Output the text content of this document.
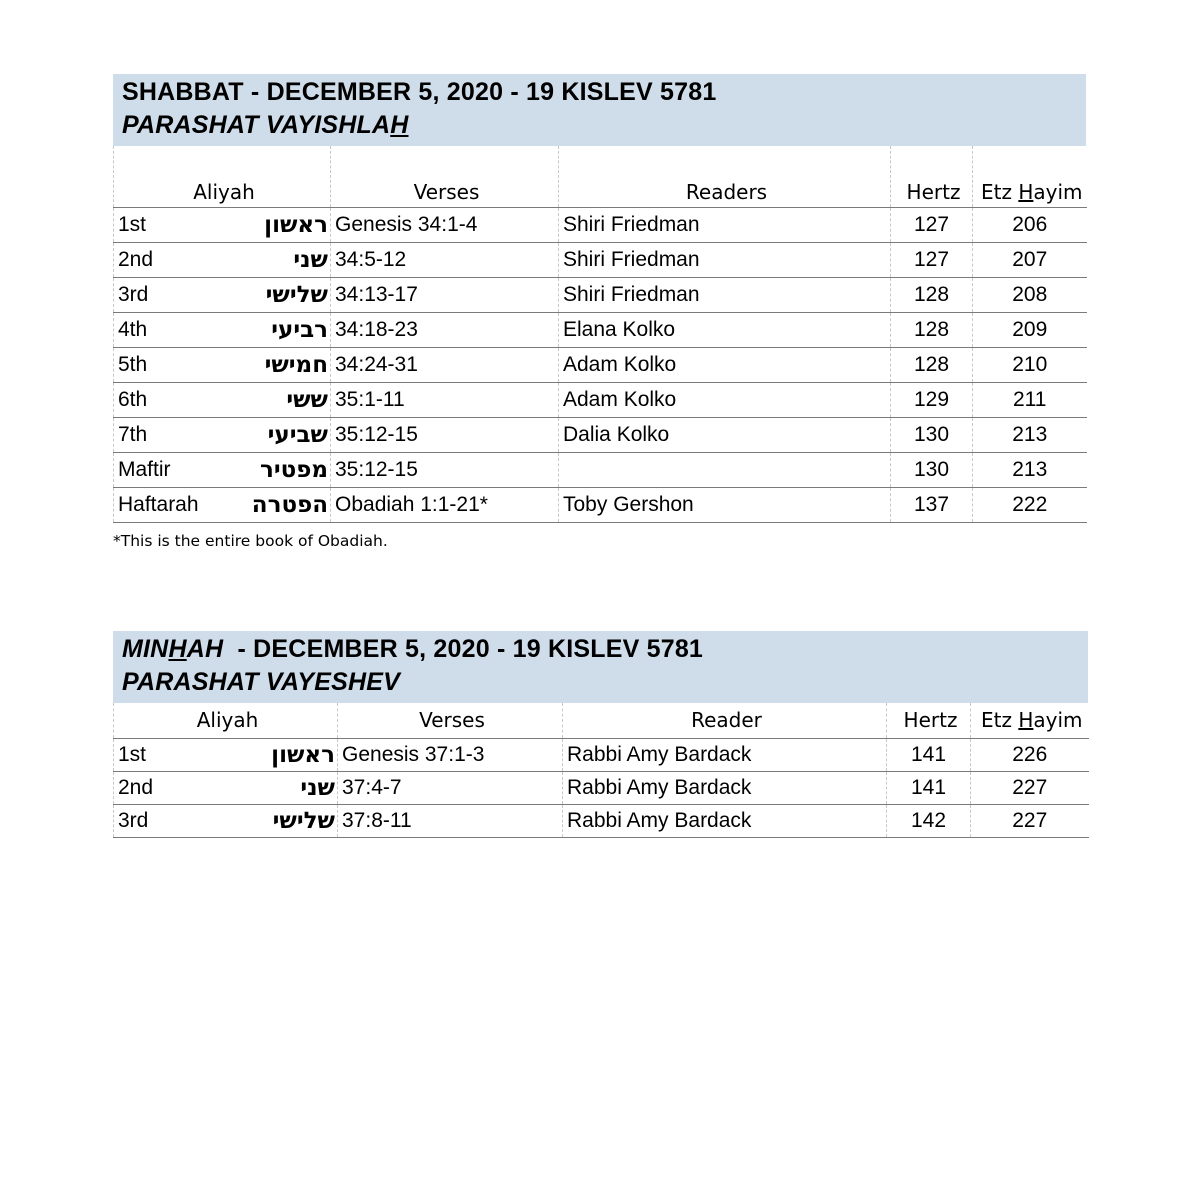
SHABBAT - DECEMBER 5, 2020 - 19 KISLEV 5781
PARASHAT VAYISHLAH
Aliyah		Verses	Readers	Hertz	Etz Hayim
1st	ראשון	Genesis 34:1-4	Shiri Friedman	127	206
2nd	שני	34:5-12	Shiri Friedman	127	207
3rd	שלישי	34:13-17	Shiri Friedman	128	208
4th	רביעי	34:18-23	Elana Kolko	128	209
5th	חמישי	34:24-31	Adam Kolko	128	210
6th	ששי	35:1-11	Adam Kolko	129	211
7th	שביעי	35:12-15	Dalia Kolko	130	213
Maftir	מפטיר	35:12-15		130	213
Haftarah	הפטרה	Obadiah 1:1-21*	Toby Gershon	137	222
*This is the entire book of Obadiah.
MINHAH  - DECEMBER 5, 2020 - 19 KISLEV 5781
PARASHAT VAYESHEV
Aliyah		Verses	Reader	Hertz	Etz Hayim
1st	ראשון	Genesis 37:1-3	Rabbi Amy Bardack	141	226
2nd	שני	37:4-7	Rabbi Amy Bardack	141	227
3rd	שלישי	37:8-11	Rabbi Amy Bardack	142	227
